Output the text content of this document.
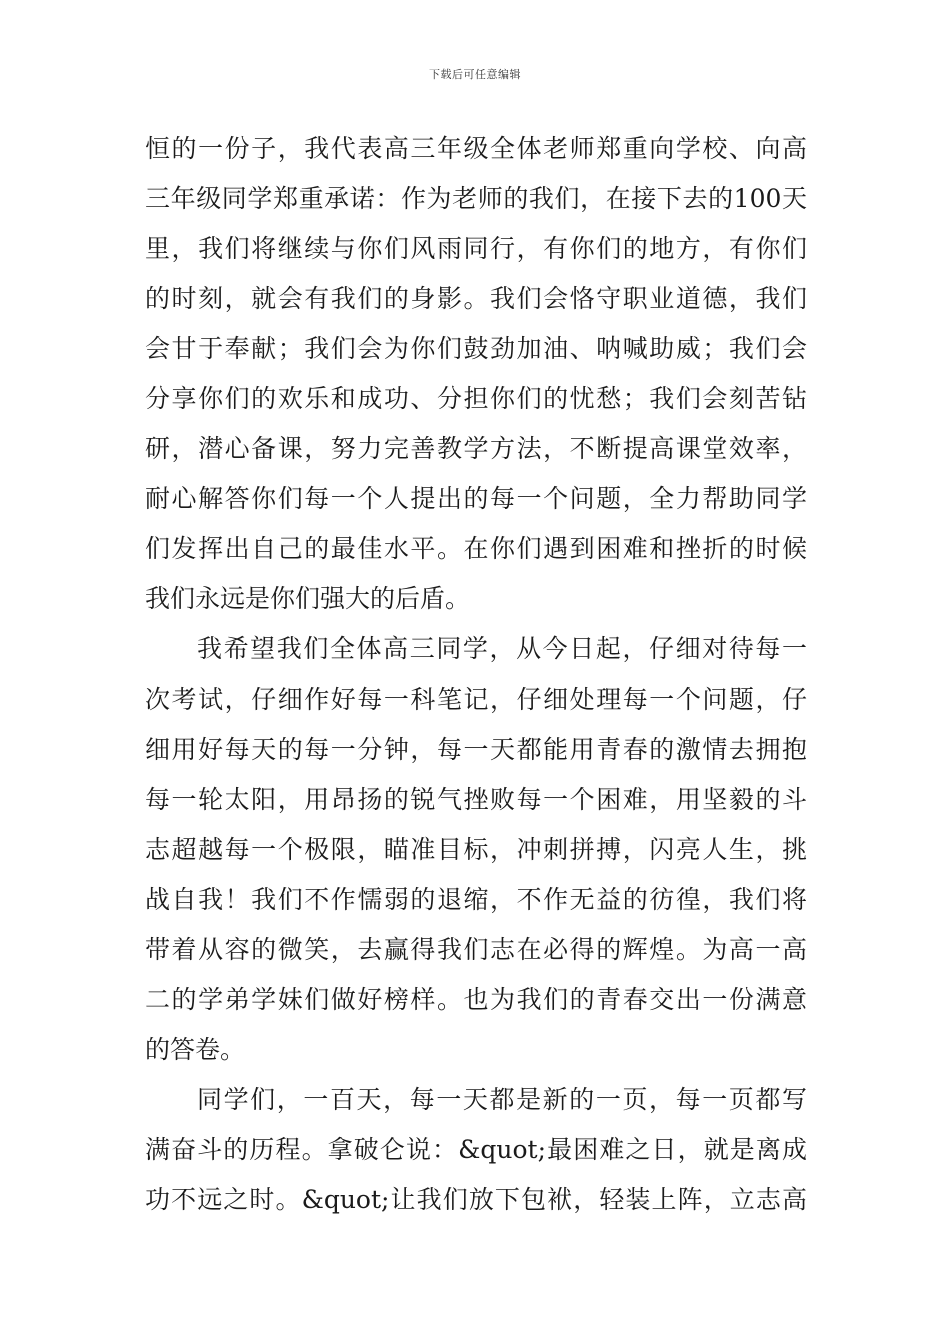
下载后可任意编辑
恒的一份子，我代表高三年级全体老师郑重向学校、向高
三年级同学郑重承诺：作为老师的我们，在接下去的100天
里，我们将继续与你们风雨同行，有你们的地方，有你们
的时刻，就会有我们的身影。我们会恪守职业道德，我们
会甘于奉献；我们会为你们鼓劲加油、呐喊助威；我们会
分享你们的欢乐和成功、分担你们的忧愁；我们会刻苦钻
研，潜心备课，努力完善教学方法，不断提高课堂效率，
耐心解答你们每一个人提出的每一个问题，全力帮助同学
们发挥出自己的最佳水平。在你们遇到困难和挫折的时候
我们永远是你们强大的后盾。
我希望我们全体高三同学，从今日起，仔细对待每一
次考试，仔细作好每一科笔记，仔细处理每一个问题，仔
细用好每天的每一分钟，每一天都能用青春的激情去拥抱
每一轮太阳，用昂扬的锐气挫败每一个困难，用坚毅的斗
志超越每一个极限，瞄准目标，冲刺拼搏，闪亮人生，挑
战自我！我们不作懦弱的退缩，不作无益的彷徨，我们将
带着从容的微笑，去赢得我们志在必得的辉煌。为高一高
二的学弟学妹们做好榜样。也为我们的青春交出一份满意
的答卷。
同学们，一百天，每一天都是新的一页，每一页都写
满奋斗的历程。拿破仑说：&quot;最困难之日，就是离成
功不远之时。&quot;让我们放下包袱，轻装上阵，立志高
